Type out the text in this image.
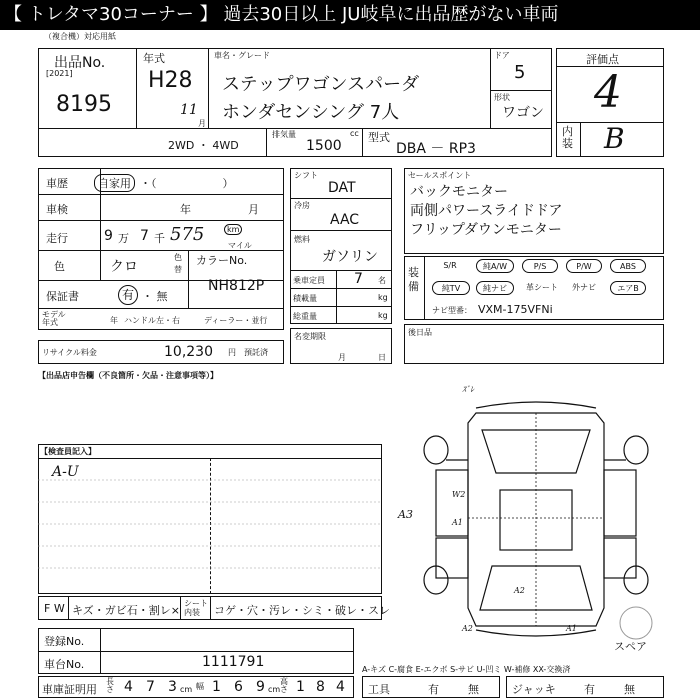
【 トレタマ30コーナー 】 過去30日以上 JU岐阜に出品歴がない車両
（複合機）対応用紙
出品No.
[2021]
8195
年式
H28
11
月
車名・グレード
ステップワゴンスパーダ
ホンダセンシング 7人
ドア
5
形状
ワゴン
2WD ・ 4WD
排気量
1500
cc 型式
DBA － RP3
評価点
4
内装 B
車歴	自家用 ・（　　　　　　）
車検	年	月
走行	9 万 7 千 575	km
マイル
色	クロ
色替
カラーNo.
NH812P
保証書	有 ・ 無
モデル年式	年 ハンドル 左・右	ディーラー・並行
リサイクル料金	10,230 円 預託済
シフト
DAT
冷房
AAC
燃料
ガソリン
乗車定員 7 名
積載量	kg
総重量	kg
名変期限
月	日
セールスポイント
バックモニター
両側パワースライドドア
フリップダウンモニター
装備
S/R	純A/W	P/S	P/W	ABS
純TV	純ナビ	革シート	外ナビ	エアB
ナビ型番： VXM-175VFNi
後日品
【出品店申告欄（不良箇所・欠品・注意事項等）】
【検査員記入】
A-U
ｽﾞﾚ
A3
W2
A1
A2
A2	A1
スペア
F W キズ・ガビ石・割レ×
シート内装	コゲ・穴・汚レ・シミ・破レ・スレ
登録No.
車台No.	1111791
車庫証明用
長さ 4 7 3 cm 幅 1 6 9 cm
高さ 1 8 4
A-キズ C-腐食 E-エクボ S-サビ U-凹ミ W-補修 XX-交換済
工具	有	無	ジャッキ	有	無
